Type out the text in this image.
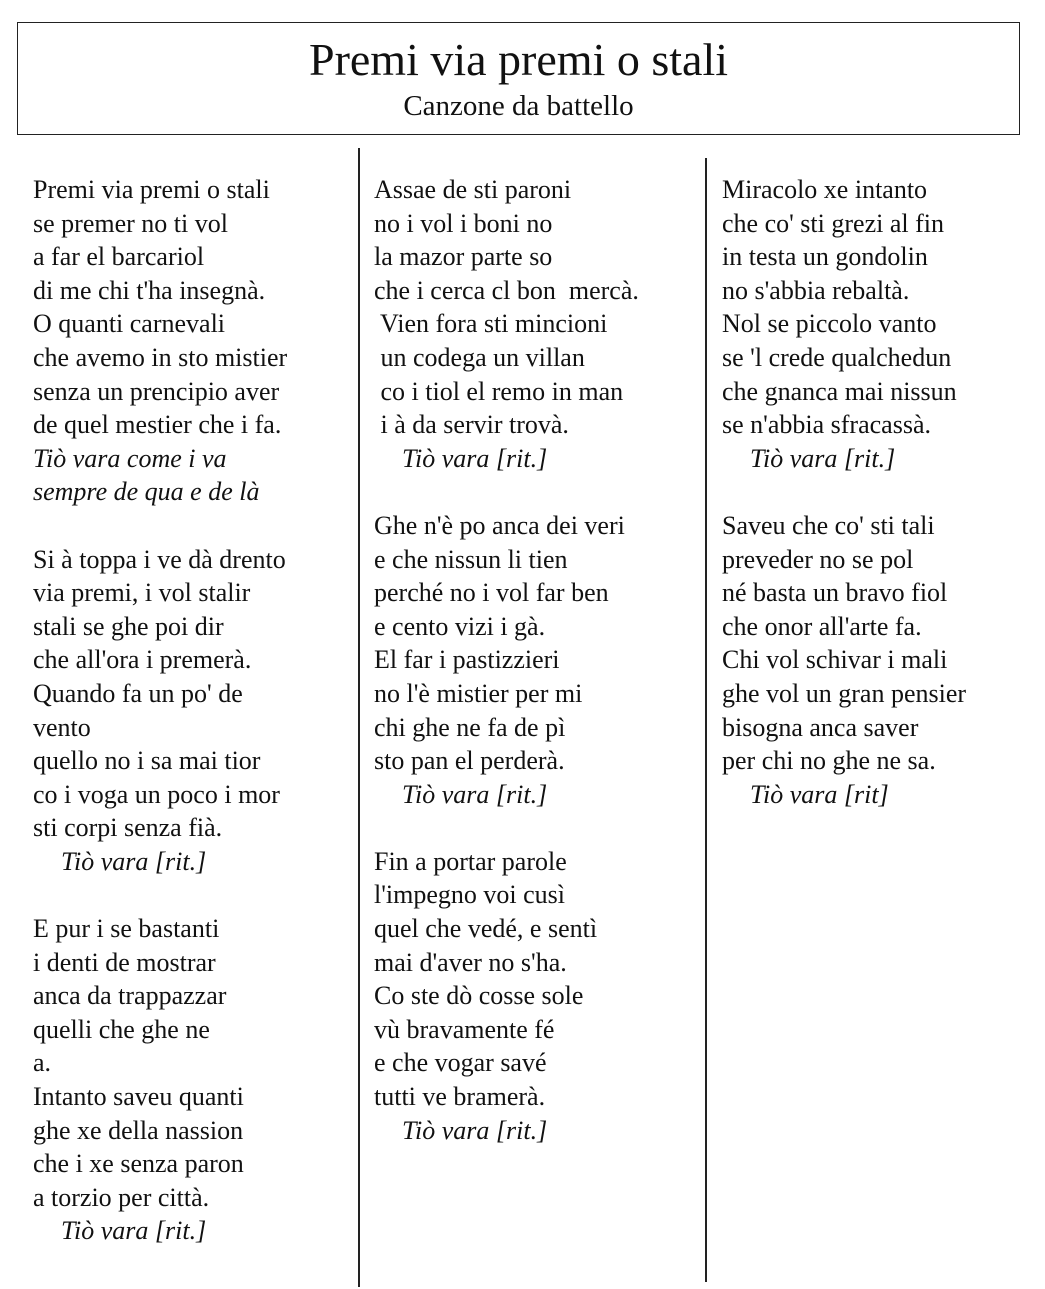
Premi via premi o stali
Canzone da battello
Premi via premi o stali
se premer no ti vol
a far el barcariol
di me chi t'ha insegnà.
O quanti carnevali
che avemo in sto mistier
senza un prencipio aver
de quel mestier che i fa.
Tiò vara come i va
sempre de qua e de là
Si à toppa i ve dà drento
via premi, i vol stalir
stali se ghe poi dir
che all'ora i premerà.
Quando fa un po' de
vento
quello no i sa mai tior
co i voga un poco i mor
sti corpi senza fià.
Tiò vara [rit.]
E pur i se bastanti
i denti de mostrar
anca da trappazzar
quelli che ghe ne
a.
Intanto saveu quanti
ghe xe della nassion
che i xe senza paron
a torzio per città.
Tiò vara [rit.]
Assae de sti paroni
no i vol i boni no
la mazor parte so
che i cerca cl bon  mercà.
Vien fora sti mincioni
un codega un villan
co i tiol el remo in man
i à da servir trovà.
Tiò vara [rit.]
Ghe n'è po anca dei veri
e che nissun li tien
perché no i vol far ben
e cento vizi i gà.
El far i pastizzieri
no l'è mistier per mi
chi ghe ne fa de pì
sto pan el perderà.
Tiò vara [rit.]
Fin a portar parole
l'impegno voi cusì
quel che vedé, e sentì
mai d'aver no s'ha.
Co ste dò cosse sole
vù bravamente fé
e che vogar savé
tutti ve bramerà.
Tiò vara [rit.]
Miracolo xe intanto
che co' sti grezi al fin
in testa un gondolin
no s'abbia rebaltà.
Nol se piccolo vanto
se 'l crede qualchedun
che gnanca mai nissun
se n'abbia sfracassà.
Tiò vara [rit.]
Saveu che co' sti tali
preveder no se pol
né basta un bravo fiol
che onor all'arte fa.
Chi vol schivar i mali
ghe vol un gran pensier
bisogna anca saver
per chi no ghe ne sa.
Tiò vara [rit]
